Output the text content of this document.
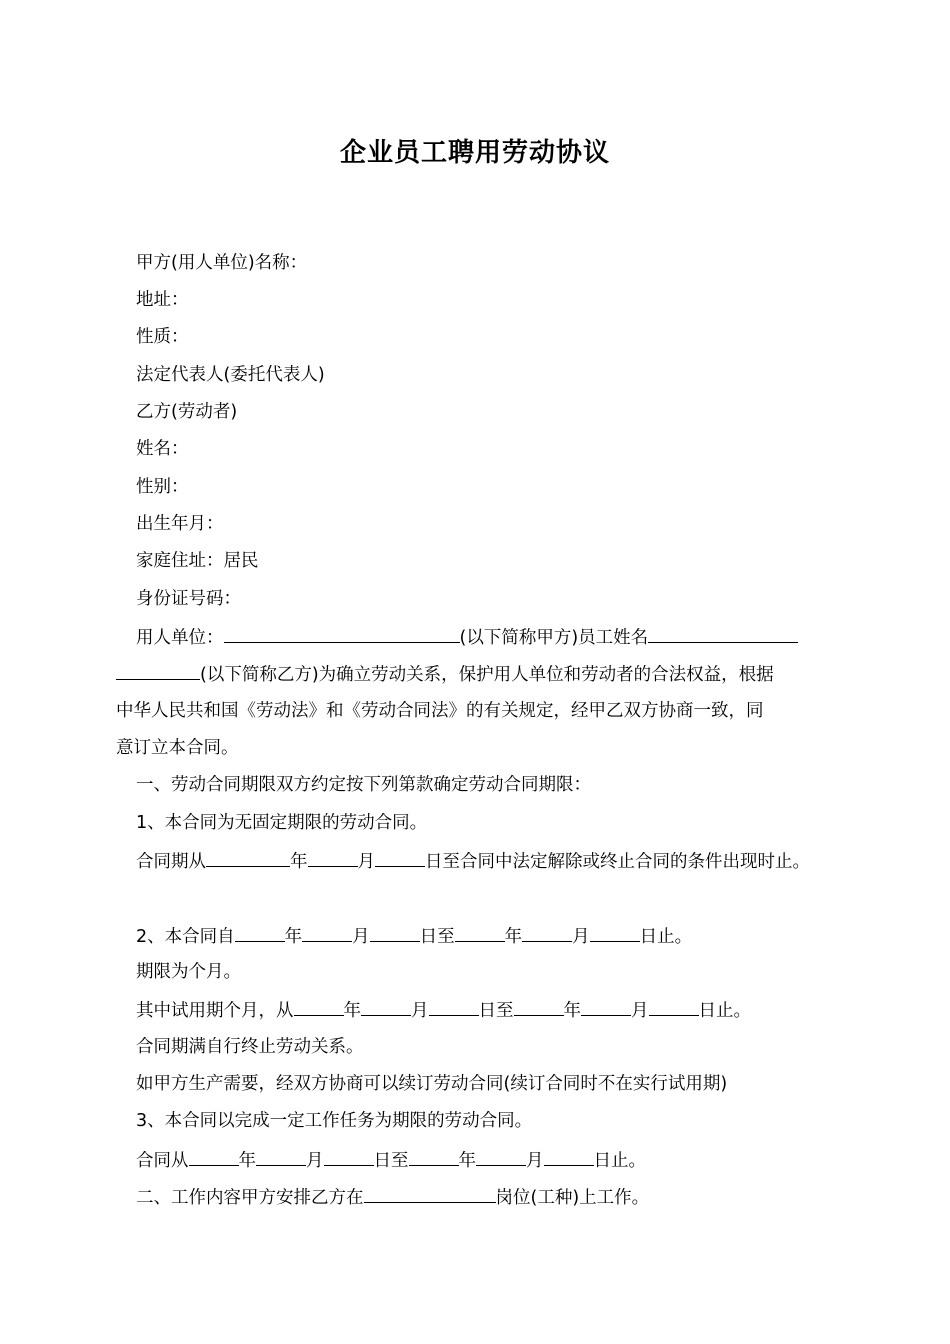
企业员工聘用劳动协议
甲方(用人单位)名称：
地址：
性质：
法定代表人(委托代表人)
乙方(劳动者)
姓名：
性别：
出生年月：
家庭住址：居民
身份证号码：
用人单位：	(以下简称甲方)员工姓名
(以下简称乙方)为确立劳动关系，保护用人单位和劳动者的合法权益，根据
中华人民共和国《劳动法》和《劳动合同法》的有关规定，经甲乙双方协商一致，同
意订立本合同。
一、劳动合同期限双方约定按下列第款确定劳动合同期限：
1、本合同为无固定期限的劳动合同。
合同期从	年	月	日至合同中法定解除或终止合同的条件出现时止。
2、本合同自	年	月	日至	年	月	日止。
期限为个月。
其中试用期个月，从	年	月	日至	年	月	日止。
合同期满自行终止劳动关系。
如甲方生产需要，经双方协商可以续订劳动合同(续订合同时不在实行试用期)
3、本合同以完成一定工作任务为期限的劳动合同。
合同从	年	月	日至	年	月	日止。
二、工作内容甲方安排乙方在	岗位(工种)上工作。
